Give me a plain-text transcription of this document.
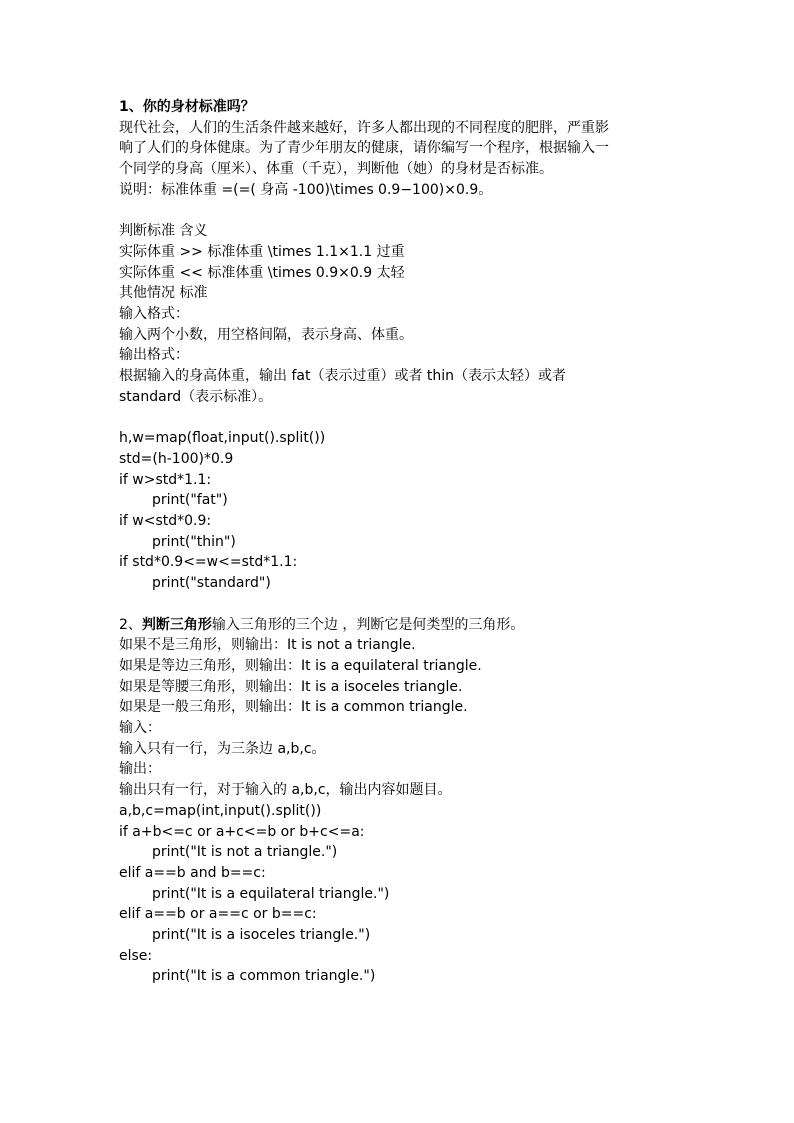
1、你的身材标准吗？
现代社会，人们的生活条件越来越好，许多人都出现的不同程度的肥胖，严重影
响了人们的身体健康。为了青少年朋友的健康，请你编写一个程序，根据输入一
个同学的身高（厘米）、体重（千克），判断他（她）的身材是否标准。
说明：标准体重 =(=( 身高 -100)\times 0.9−100)×0.9。
判断标准 含义
实际体重 >> 标准体重 \times 1.1×1.1 过重
实际体重 << 标准体重 \times 0.9×0.9 太轻
其他情况 标准
输入格式：
输入两个小数，用空格间隔，表示身高、体重。
输出格式：
根据输入的身高体重，输出 fat（表示过重）或者 thin（表示太轻）或者
standard（表示标准）。
h,w=map(float,input().split())
std=(h-100)*0.9
if w>std*1.1:
print("fat")
if w<std*0.9:
print("thin")
if std*0.9<=w<=std*1.1:
print("standard")
2、判断三角形输入三角形的三个边 ，判断它是何类型的三角形。
如果不是三角形，则输出：It is not a triangle.
如果是等边三角形，则输出：It is a equilateral triangle.
如果是等腰三角形，则输出：It is a isoceles triangle.
如果是一般三角形，则输出：It is a common triangle.
输入：
输入只有一行，为三条边 a,b,c。
输出：
输出只有一行，对于输入的 a,b,c，输出内容如题目。
a,b,c=map(int,input().split())
if a+b<=c or a+c<=b or b+c<=a:
print("It is not a triangle.")
elif a==b and b==c:
print("It is a equilateral triangle.")
elif a==b or a==c or b==c:
print("It is a isoceles triangle.")
else:
print("It is a common triangle.")
